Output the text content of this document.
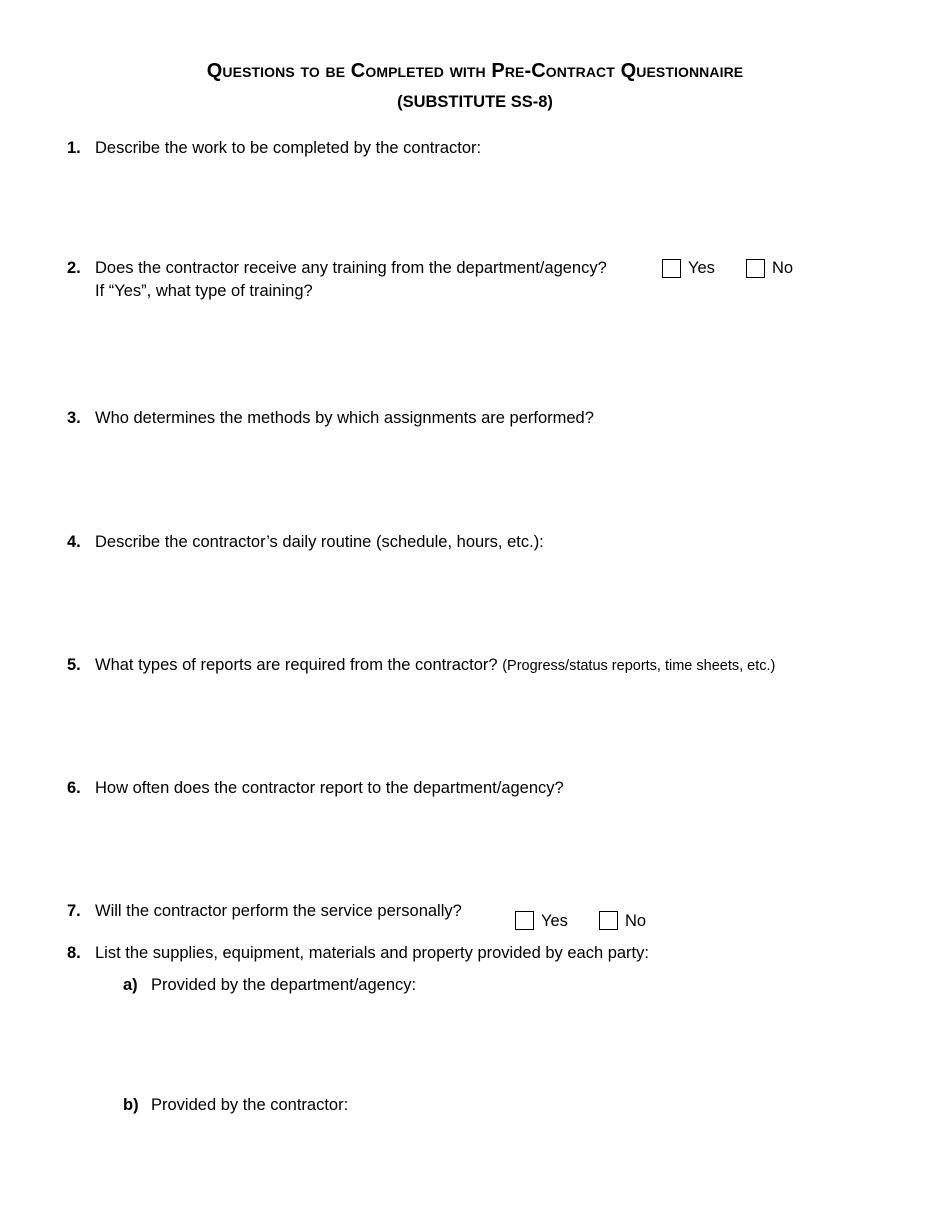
Questions to be Completed with Pre-Contract Questionnaire
(SUBSTITUTE SS-8)
1. Describe the work to be completed by the contractor:
2. Does the contractor receive any training from the department/agency?
If “Yes”, what type of training?
Yes	No
3. Who determines the methods by which assignments are performed?
4. Describe the contractor’s daily routine (schedule, hours, etc.):
5. What types of reports are required from the contractor? (Progress/status reports, time sheets, etc.)
6. How often does the contractor report to the department/agency?
7. Will the contractor perform the service personally?
Yes	No
8. List the supplies, equipment, materials and property provided by each party:
a) Provided by the department/agency:
b) Provided by the contractor:
